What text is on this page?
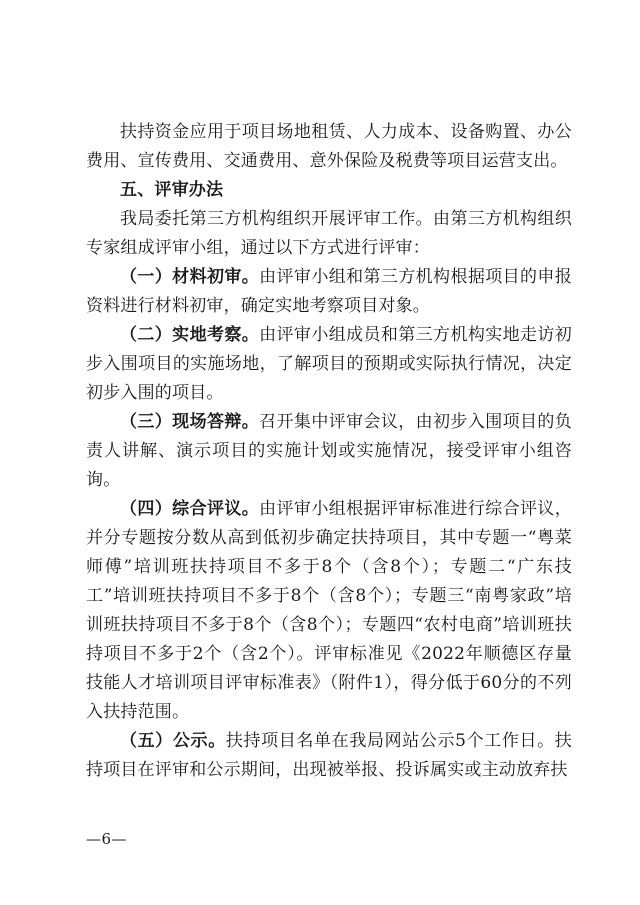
扶持资金应用于项目场地租赁、人力成本、设备购置、办公费用、宣传费用、交通费用、意外保险及税费等项目运营支出。

五、评审办法

我局委托第三方机构组织开展评审工作。由第三方机构组织专家组成评审小组，通过以下方式进行评审：

（一）材料初审。由评审小组和第三方机构根据项目的申报资料进行材料初审，确定实地考察项目对象。

（二）实地考察。由评审小组成员和第三方机构实地走访初步入围项目的实施场地，了解项目的预期或实际执行情况，决定初步入围的项目。

（三）现场答辩。召开集中评审会议，由初步入围项目的负责人讲解、演示项目的实施计划或实施情况，接受评审小组咨询。

（四）综合评议。由评审小组根据评审标准进行综合评议，并分专题按分数从高到低初步确定扶持项目，其中专题一“粤菜师傅”培训班扶持项目不多于8个（含8个）；专题二“广东技工”培训班扶持项目不多于8个（含8个）；专题三“南粤家政”培训班扶持项目不多于8个（含8个）；专题四“农村电商”培训班扶持项目不多于2个（含2个）。评审标准见《2022年顺德区存量技能人才培训项目评审标准表》（附件1），得分低于60分的不列入扶持范围。

（五）公示。扶持项目名单在我局网站公示5个工作日。扶持项目在评审和公示期间，出现被举报、投诉属实或主动放弃扶

—6—
